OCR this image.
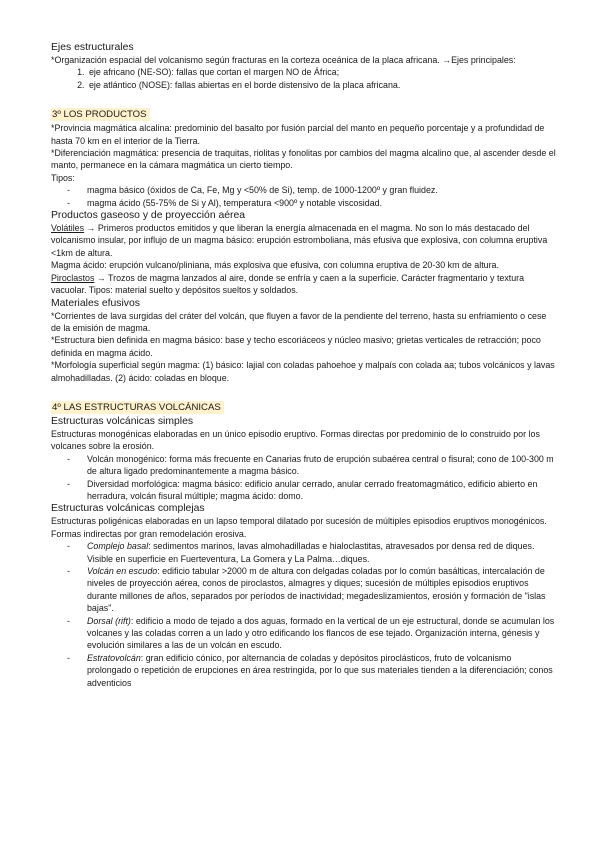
Ejes estructurales

*Organización espacial del volcanismo según fracturas en la corteza oceánica de la placa africana. →Ejes principales:

1. eje africano (NE-SO): fallas que cortan el margen NO de África;
2. eje atlántico (NOSE): fallas abiertas en el borde distensivo de la placa africana.
3º LOS PRODUCTOS

*Provincia magmática alcalina: predominio del basalto por fusión parcial del manto en pequeño porcentaje y a profundidad de hasta 70 km en el interior de la Tierra.

*Diferenciación magmática: presencia de traquitas, riolitas y fonolitas por cambios del magma alcalino que, al ascender desde el manto, permanece en la cámara magmática un cierto tiempo.

Tipos:

- magma básico (óxidos de Ca, Fe, Mg y <50% de Si), temp. de 1000-1200º y gran fluidez.
- magma ácido (55-75% de Si y Al), temperatura <900º y notable viscosidad.

Productos gaseoso y de proyección aérea

Volátiles → Primeros productos emitidos y que liberan la energía almacenada en el magma. No son lo más destacado del volcanismo insular, por influjo de un magma básico: erupción estromboliana, más efusiva que explosiva, con columna eruptiva <1km de altura.

Magma ácido: erupción vulcano/pliniana, más explosiva que efusiva, con columna eruptiva de 20-30 km de altura.

Piroclastos → Trozos de magma lanzados al aire, donde se enfría y caen a la superficie. Carácter fragmentario y textura vacuolar. Tipos: material suelto y depósitos sueltos y soldados.

Materiales efusivos

*Corrientes de lava surgidas del cráter del volcán, que fluyen a favor de la pendiente del terreno, hasta su enfriamiento o cese de la emisión de magma.

*Estructura bien definida en magma básico: base y techo escoriáceos y núcleo masivo; grietas verticales de retracción; poco definida en magma ácido.

*Morfología superficial según magma: (1) básico: lajial con coladas pahoehoe y malpaís con colada aa; tubos volcánicos y lavas almohadilladas. (2) ácido: coladas en bloque.

4º LAS ESTRUCTURAS VOLCÁNICAS

Estructuras volcánicas simples

Estructuras monogénicas elaboradas en un único episodio eruptivo. Formas directas por predominio de lo construido por los volcanes sobre la erosión.

- Volcán monogénico: forma más frecuente en Canarias fruto de erupción subaérea central o fisural; cono de 100-300 m de altura ligado predominantemente a magma básico.
- Diversidad morfológica: magma básico: edificio anular cerrado, anular cerrado freatomagmático, edificio abierto en herradura, volcán fisural múltiple; magma ácido: domo.

Estructuras volcánicas complejas

Estructuras poligénicas elaboradas en un lapso temporal dilatado por sucesión de múltiples episodios eruptivos monogénicos. Formas indirectas por gran remodelación erosiva.

- Complejo basal: sedimentos marinos, lavas almohadilladas e hialoclastitas, atravesados por densa red de diques. Visible en superficie en Fuerteventura, La Gomera y La Palma…diques.
- Volcán en escudo: edificio tabular >2000 m de altura con delgadas coladas por lo común basálticas, intercalación de niveles de proyección aérea, conos de piroclastos, almagres y diques; sucesión de múltiples episodios eruptivos durante millones de años, separados por períodos de inactividad; megadeslizamientos, erosión y formación de "islas bajas".
- Dorsal (rift): edificio a modo de tejado a dos aguas, formado en la vertical de un eje estructural, donde se acumulan los volcanes y las coladas corren a un lado y otro edificando los flancos de ese tejado. Organización interna, génesis y evolución similares a las de un volcán en escudo.
- Estratovolcán: gran edificio cónico, por alternancia de coladas y depósitos piroclásticos, fruto de volcanismo prolongado o repetición de erupciones en área restringida, por lo que sus materiales tienden a la diferenciación; conos adventicios
